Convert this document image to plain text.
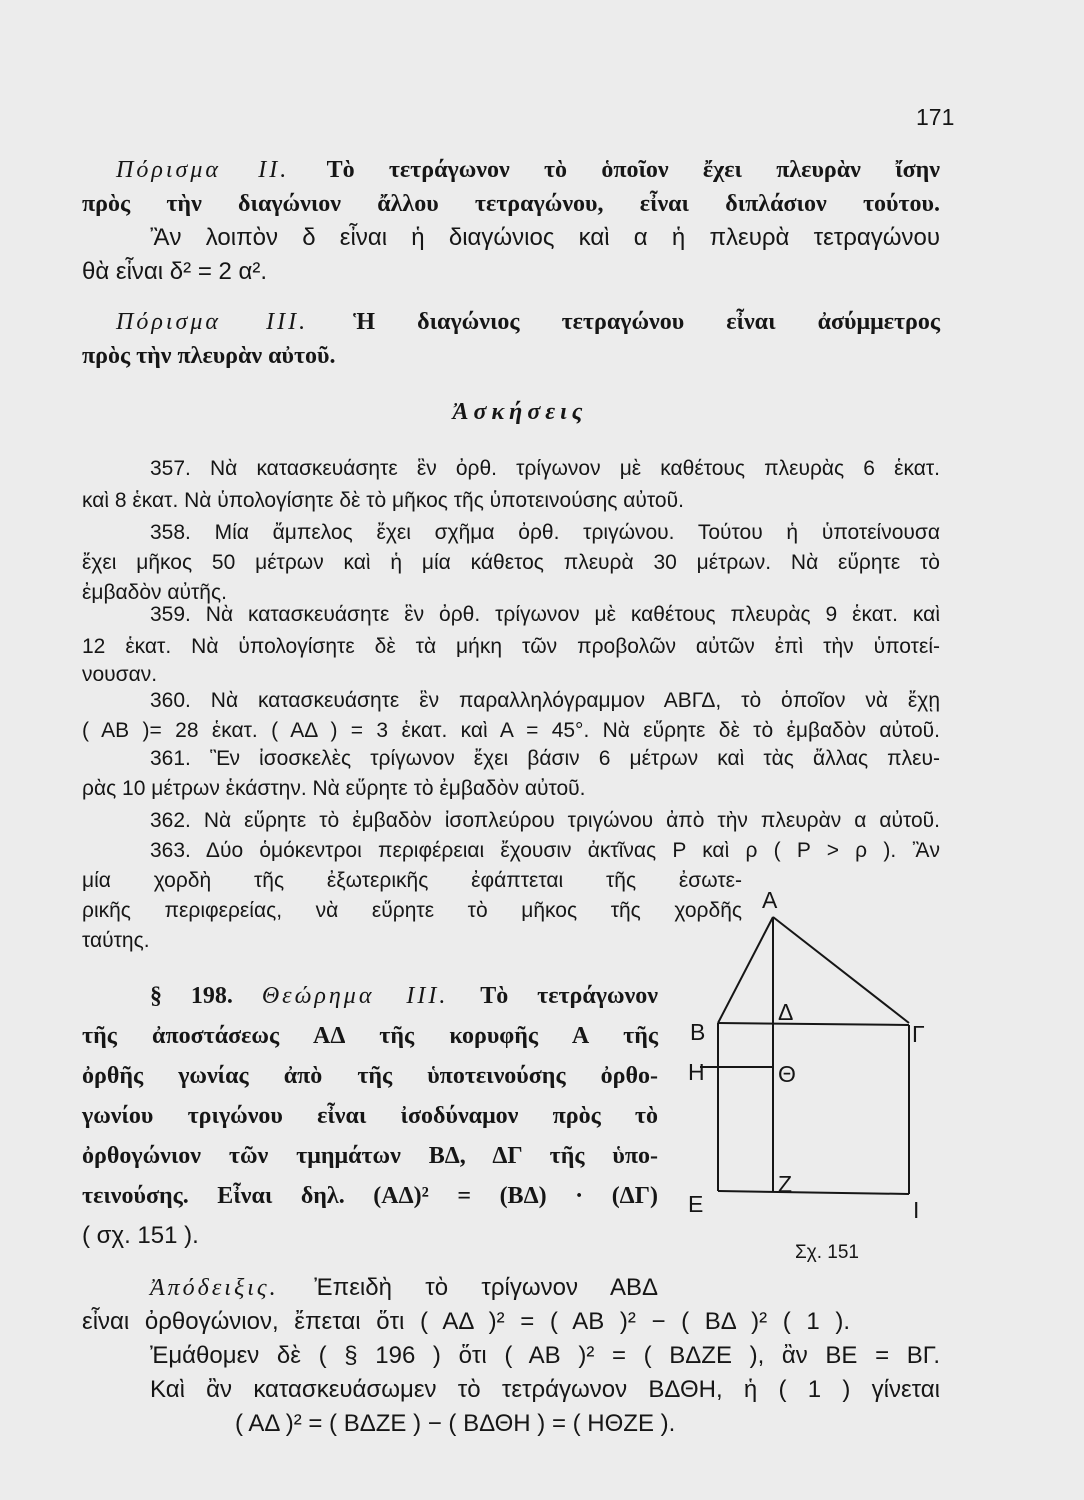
171
Πόρισμα ΙΙ. Τὸ τετράγωνον τὸ ὁποῖον ἔχει πλευρὰν ἴσην
πρὸς τὴν διαγώνιον ἄλλου τετραγώνου, εἶναι διπλάσιον τούτου.
Ἂν λοιπὸν δ εἶναι ἡ διαγώνιος καὶ α ἡ πλευρὰ τετραγώνου
θὰ εἶναι δ² = 2 α².
Πόρισμα ΙΙΙ. Ἡ διαγώνιος τετραγώνου εἶναι ἀσύμμετρος
πρὸς τὴν πλευρὰν αὐτοῦ.
Ἀσκήσεις
357. Νὰ κατασκευάσητε ἓν ὀρθ. τρίγωνον μὲ καθέτους πλευρὰς 6 ἑκατ.
καὶ 8 ἑκατ. Νὰ ὑπολογίσητε δὲ τὸ μῆκος τῆς ὑποτεινούσης αὐτοῦ.
358. Μία ἄμπελος ἔχει σχῆμα ὀρθ. τριγώνου. Τούτου ἡ ὑποτείνουσα
ἔχει μῆκος 50 μέτρων καὶ ἡ μία κάθετος πλευρὰ 30 μέτρων. Νὰ εὕρητε τὸ
ἐμβαδὸν αὐτῆς.
359. Νὰ κατασκευάσητε ἓν ὀρθ. τρίγωνον μὲ καθέτους πλευρὰς 9 ἑκατ. καὶ
12 ἑκατ. Νὰ ὑπολογίσητε δὲ τὰ μήκη τῶν προβολῶν αὐτῶν ἐπὶ τὴν ὑποτεί-
νουσαν.
360. Νὰ κατασκευάσητε ἓν παραλληλόγραμμον ΑΒΓΔ, τὸ ὁποῖον νὰ ἔχῃ
( ΑΒ )= 28 ἑκατ. ( ΑΔ ) = 3 ἑκατ. καὶ Α = 45°. Νὰ εὕρητε δὲ τὸ ἐμβαδὸν αὐτοῦ.
361. Ἓν ἰσοσκελὲς τρίγωνον ἔχει βάσιν 6 μέτρων καὶ τὰς ἄλλας πλευ-
ρὰς 10 μέτρων ἑκάστην. Νὰ εὕρητε τὸ ἐμβαδὸν αὐτοῦ.
362. Νὰ εὕρητε τὸ ἐμβαδὸν ἰσοπλεύρου τριγώνου ἀπὸ τὴν πλευρὰν α αὐτοῦ.
363. Δύο ὁμόκεντροι περιφέρειαι ἔχουσιν ἀκτῖνας Ρ καὶ ρ ( Ρ > ρ ). Ἂν
μία χορδὴ τῆς ἐξωτερικῆς ἐφάπτεται τῆς ἐσωτε-
ρικῆς περιφερείας, νὰ εὕρητε τὸ μῆκος τῆς χορδῆς
ταύτης.
§ 198. Θεώρημα ΙΙΙ. Τὸ τετράγωνον
τῆς ἀποστάσεως ΑΔ τῆς κορυφῆς Α τῆς
ὀρθῆς γωνίας ἀπὸ τῆς ὑποτεινούσης ὀρθο-
γωνίου τριγώνου εἶναι ἰσοδύναμον πρὸς τὸ
ὀρθογώνιον τῶν τμημάτων ΒΔ, ΔΓ τῆς ὑπο-
τεινούσης. Εἶναι δηλ. (ΑΔ)² = (ΒΔ) · (ΔΓ)
( σχ. 151 ).
Ἀπόδειξις. Ἐπειδὴ τὸ τρίγωνον ΑΒΔ
εἶναι ὀρθογώνιον, ἔπεται ὅτι ( ΑΔ )² = ( ΑΒ )² − ( ΒΔ )² ( 1 ).
Ἐμάθομεν δὲ ( § 196 ) ὅτι ( ΑΒ )² = ( ΒΔΖΕ ), ἂν ΒΕ = ΒΓ.
Καὶ ἂν κατασκευάσωμεν τὸ τετράγωνον ΒΔΘΗ, ἡ ( 1 ) γίνεται
( ΑΔ )² = ( ΒΔΖΕ ) − ( ΒΔΘΗ ) = ( ΗΘΖΕ ).
Α
Β
Δ
Γ
Η	Θ
Ε
Ζ
Ι
Σχ. 151
